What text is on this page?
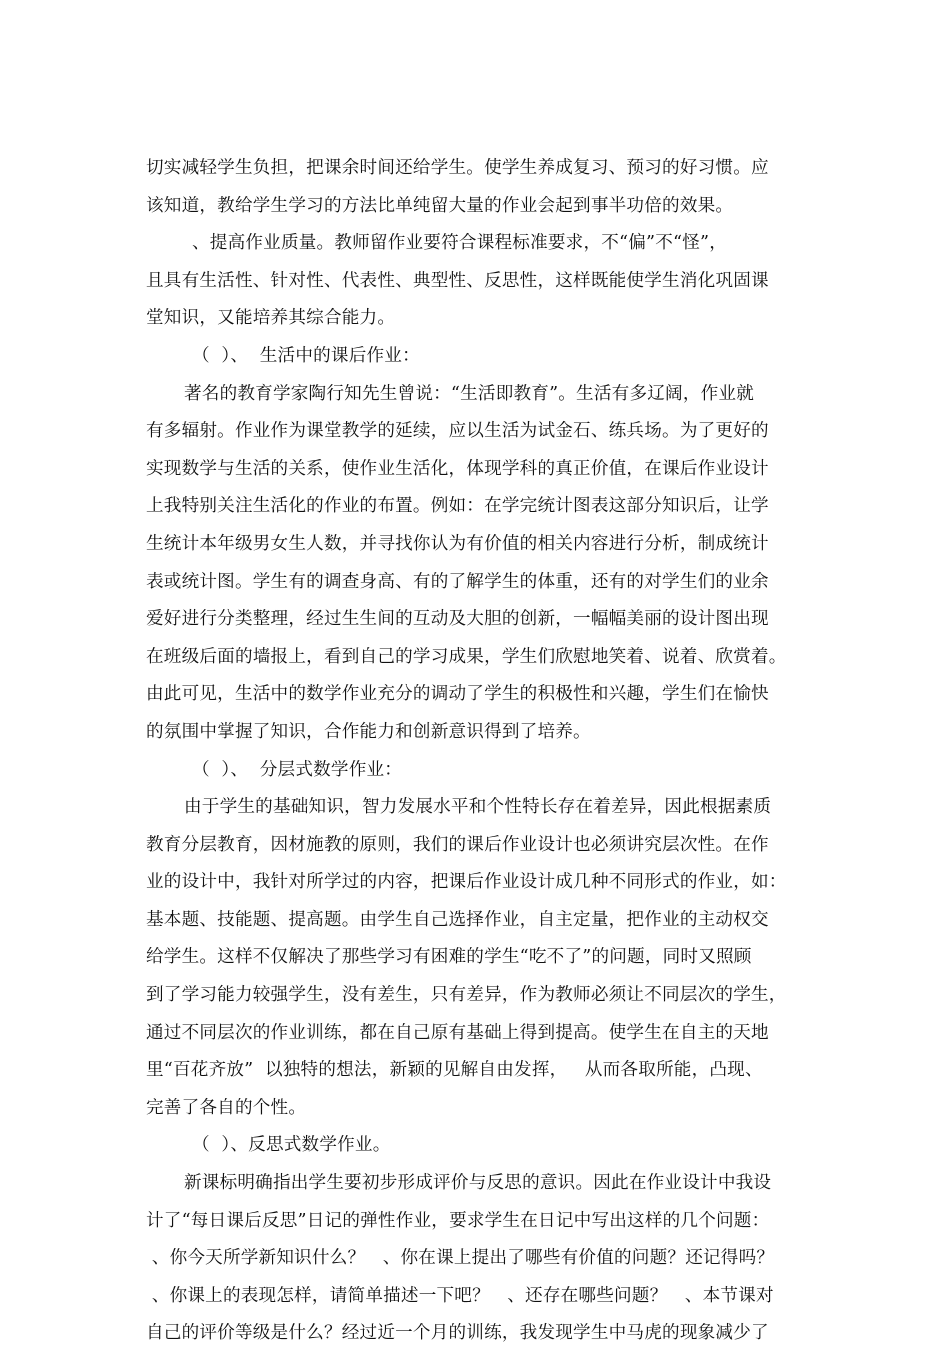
切实减轻学生负担，把课余时间还给学生。使学生养成复习、预习的好习惯。应
该知道，教给学生学习的方法比单纯留大量的作业会起到事半功倍的效果。
、提高作业质量。教师留作业要符合课程标准要求，不“偏”不“怪”，
且具有生活性、针对性、代表性、典型性、反思性，这样既能使学生消化巩固课
堂知识，又能培养其综合能力。
（  ）、  生活中的课后作业：
著名的教育学家陶行知先生曾说：“生活即教育”。生活有多辽阔，作业就
有多辐射。作业作为课堂教学的延续，应以生活为试金石、练兵场。为了更好的
实现数学与生活的关系，使作业生活化，体现学科的真正价值，在课后作业设计
上我特别关注生活化的作业的布置。例如：在学完统计图表这部分知识后，让学
生统计本年级男女生人数，并寻找你认为有价值的相关内容进行分析，制成统计
表或统计图。学生有的调查身高、有的了解学生的体重，还有的对学生们的业余
爱好进行分类整理，经过生生间的互动及大胆的创新，一幅幅美丽的设计图出现
在班级后面的墙报上，看到自己的学习成果，学生们欣慰地笑着、说着、欣赏着。
由此可见，生活中的数学作业充分的调动了学生的积极性和兴趣，学生们在愉快
的氛围中掌握了知识，合作能力和创新意识得到了培养。
（  ）、  分层式数学作业：
由于学生的基础知识，智力发展水平和个性特长存在着差异，因此根据素质
教育分层教育，因材施教的原则，我们的课后作业设计也必须讲究层次性。在作
业的设计中，我针对所学过的内容，把课后作业设计成几种不同形式的作业，如：
基本题、技能题、提高题。由学生自己选择作业，自主定量，把作业的主动权交
给学生。这样不仅解决了那些学习有困难的学生“吃不了”的问题，同时又照顾
到了学习能力较强学生，没有差生，只有差异，作为教师必须让不同层次的学生，
通过不同层次的作业训练，都在自己原有基础上得到提高。使学生在自主的天地
里“百花齐放”  以独特的想法，新颖的见解自由发挥，   从而各取所能，凸现、
完善了各自的个性。
（  ）、反思式数学作业。
新课标明确指出学生要初步形成评价与反思的意识。因此在作业设计中我设
计了“每日课后反思”日记的弹性作业，要求学生在日记中写出这样的几个问题：
、你今天所学新知识什么？   、你在课上提出了哪些有价值的问题？还记得吗？
、你课上的表现怎样，请简单描述一下吧？   、还存在哪些问题？   、本节课对
自己的评价等级是什么？经过近一个月的训练，我发现学生中马虎的现象减少了
